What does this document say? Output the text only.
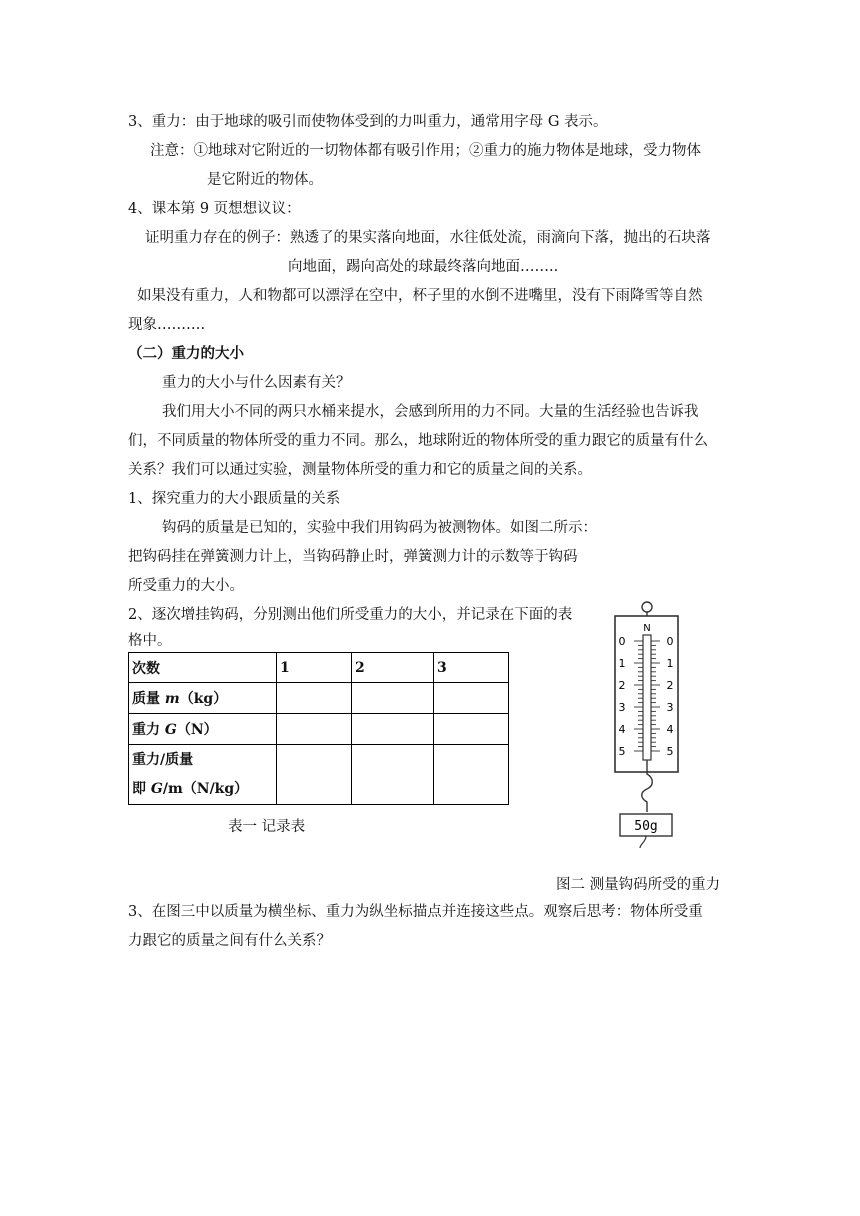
3、重力：由于地球的吸引而使物体受到的力叫重力，通常用字母 G 表示。
注意：①地球对它附近的一切物体都有吸引作用；②重力的施力物体是地球，受力物体
是它附近的物体。
4、课本第 9 页想想议议：
证明重力存在的例子：熟透了的果实落向地面，水往低处流，雨滴向下落，抛出的石块落
向地面，踢向高处的球最终落向地面……..
如果没有重力，人和物都可以漂浮在空中，杯子里的水倒不进嘴里，没有下雨降雪等自然
现象……….
（二）重力的大小
重力的大小与什么因素有关？
我们用大小不同的两只水桶来提水，会感到所用的力不同。大量的生活经验也告诉我
们，不同质量的物体所受的重力不同。那么，地球附近的物体所受的重力跟它的质量有什么
关系？我们可以通过实验，测量物体所受的重力和它的质量之间的关系。
1、探究重力的大小跟质量的关系
钩码的质量是已知的，实验中我们用钩码为被测物体。如图二所示：
把钩码挂在弹簧测力计上，当钩码静止时，弹簧测力计的示数等于钩码
所受重力的大小。
2、逐次增挂钩码，分别测出他们所受重力的大小，并记录在下面的表
格中。
次数	1	2	3
质量 m（kg）			
重力 G（N）			

重力/质量
即 G/m（N/kg）			

表一 记录表
N
0
1
2
3
4
5
0
1
2
3
4
5
50g
图二 测量钩码所受的重力
3、在图三中以质量为横坐标、重力为纵坐标描点并连接这些点。观察后思考：物体所受重
力跟它的质量之间有什么关系？
